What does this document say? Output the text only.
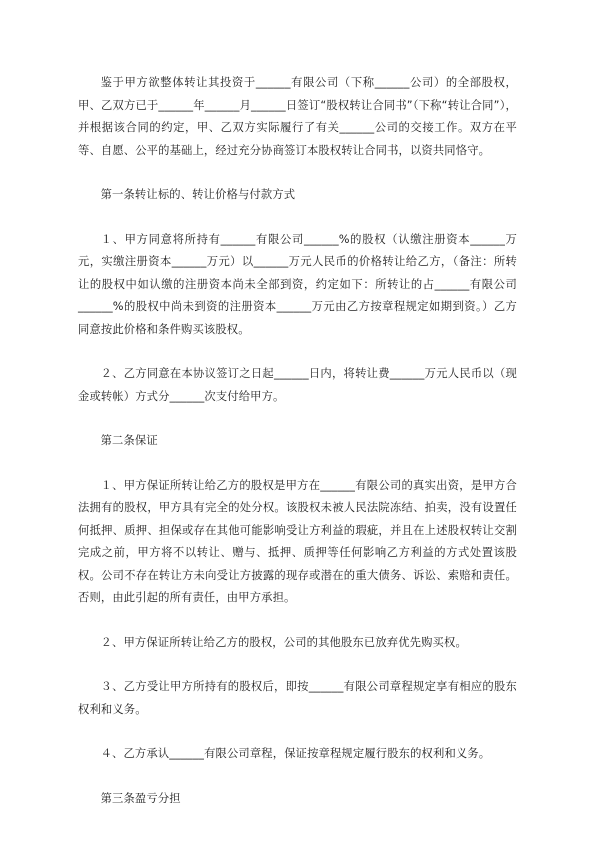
鉴于甲方欲整体转让其投资于______有限公司（下称______公司）的全部股权，甲、乙双方已于______年______月______日签订“股权转让合同书”（下称“转让合同”），并根据该合同的约定，甲、乙双方实际履行了有关______公司的交接工作。双方在平等、自愿、公平的基础上，经过充分协商签订本股权转让合同书，以资共同恪守。

第一条转让标的、转让价格与付款方式

１、甲方同意将所持有______有限公司______%的股权（认缴注册资本______万元，实缴注册资本______万元）以______万元人民币的价格转让给乙方，（备注：所转让的股权中如认缴的注册资本尚未全部到资，约定如下：所转让的占______有限公司______%的股权中尚未到资的注册资本______万元由乙方按章程规定如期到资。）乙方同意按此价格和条件购买该股权。

２、乙方同意在本协议签订之日起______日内，将转让费______万元人民币以（现金或转帐）方式分______次支付给甲方。

第二条保证

１、甲方保证所转让给乙方的股权是甲方在______有限公司的真实出资，是甲方合法拥有的股权，甲方具有完全的处分权。该股权未被人民法院冻结、拍卖，没有设置任何抵押、质押、担保或存在其他可能影响受让方利益的瑕疵，并且在上述股权转让交割完成之前，甲方将不以转让、赠与、抵押、质押等任何影响乙方利益的方式处置该股权。公司不存在转让方未向受让方披露的现存或潜在的重大债务、诉讼、索赔和责任。否则，由此引起的所有责任，由甲方承担。

２、甲方保证所转让给乙方的股权，公司的其他股东已放弃优先购买权。

３、乙方受让甲方所持有的股权后，即按______有限公司章程规定享有相应的股东权利和义务。

４、乙方承认______有限公司章程，保证按章程规定履行股东的权利和义务。

第三条盈亏分担
